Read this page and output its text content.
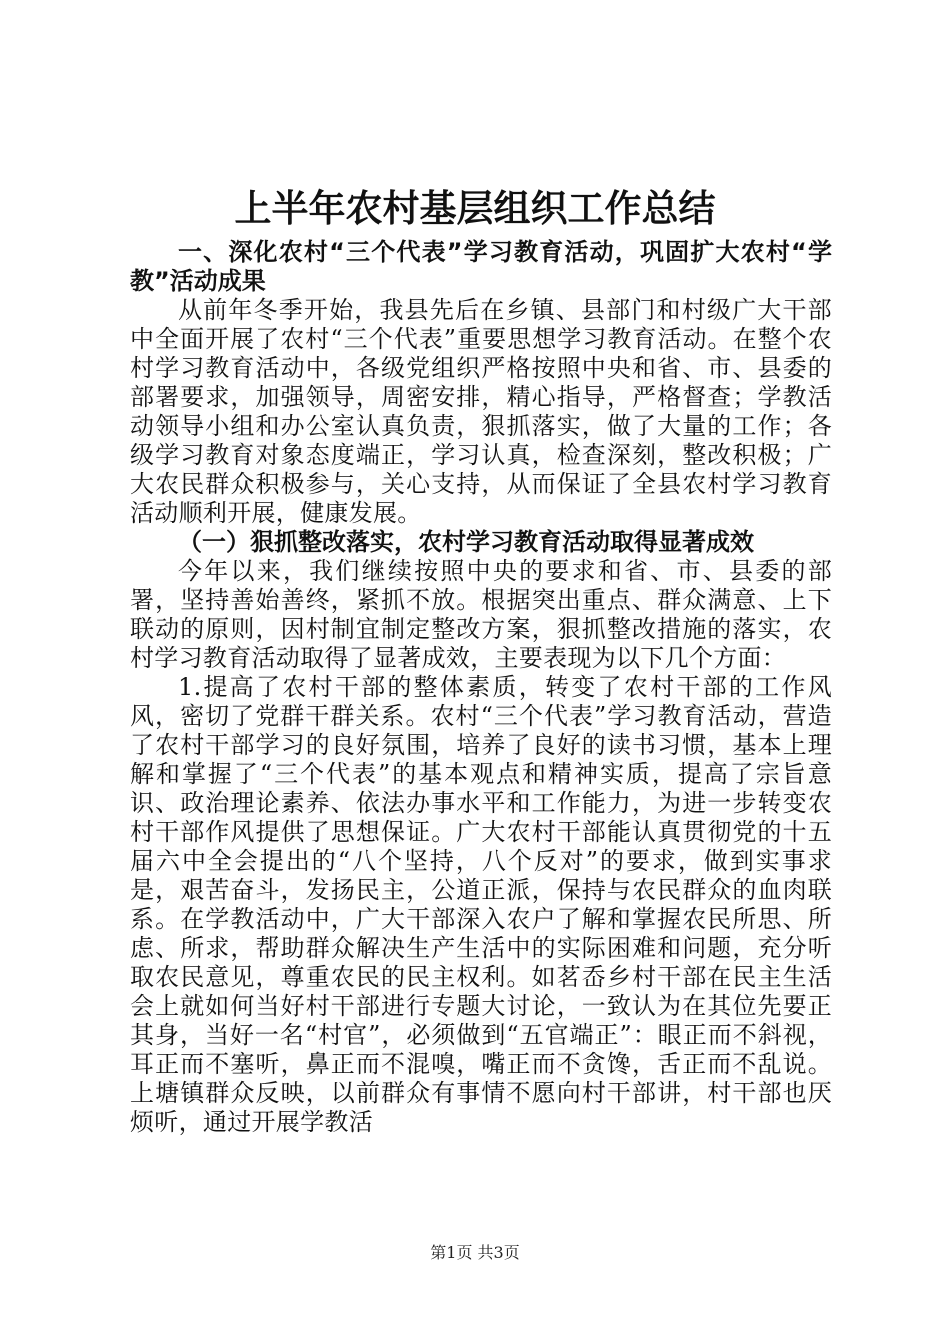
上半年农村基层组织工作总结

一、深化农村“三个代表”学习教育活动，巩固扩大农村“学教”活动成果

从前年冬季开始，我县先后在乡镇、县部门和村级广大干部中全面开展了农村“三个代表”重要思想学习教育活动。在整个农村学习教育活动中，各级党组织严格按照中央和省、市、县委的部署要求，加强领导，周密安排，精心指导，严格督查；学教活动领导小组和办公室认真负责，狠抓落实，做了大量的工作；各级学习教育对象态度端正，学习认真，检查深刻，整改积极；广大农民群众积极参与，关心支持，从而保证了全县农村学习教育活动顺利开展，健康发展。

（一）狠抓整改落实，农村学习教育活动取得显著成效

今年以来，我们继续按照中央的要求和省、市、县委的部署，坚持善始善终，紧抓不放。根据突出重点、群众满意、上下联动的原则，因村制宜制定整改方案，狠抓整改措施的落实，农村学习教育活动取得了显著成效，主要表现为以下几个方面：

1.提高了农村干部的整体素质，转变了农村干部的工作风风，密切了党群干群关系。农村“三个代表”学习教育活动，营造了农村干部学习的良好氛围，培养了良好的读书习惯，基本上理解和掌握了“三个代表”的基本观点和精神实质，提高了宗旨意识、政治理论素养、依法办事水平和工作能力，为进一步转变农村干部作风提供了思想保证。广大农村干部能认真贯彻党的十五届六中全会提出的“八个坚持，八个反对”的要求，做到实事求是，艰苦奋斗，发扬民主，公道正派，保持与农民群众的血肉联系。在学教活动中，广大干部深入农户了解和掌握农民所思、所虑、所求，帮助群众解决生产生活中的实际困难和问题，充分听取农民意见，尊重农民的民主权利。如茗岙乡村干部在民主生活会上就如何当好村干部进行专题大讨论，一致认为在其位先要正其身，当好一名“村官”，必须做到“五官端正”：眼正而不斜视，耳正而不塞听，鼻正而不混嗅，嘴正而不贪馋，舌正而不乱说。上塘镇群众反映，以前群众有事情不愿向村干部讲，村干部也厌烦听，通过开展学教活

第1页 共3页
